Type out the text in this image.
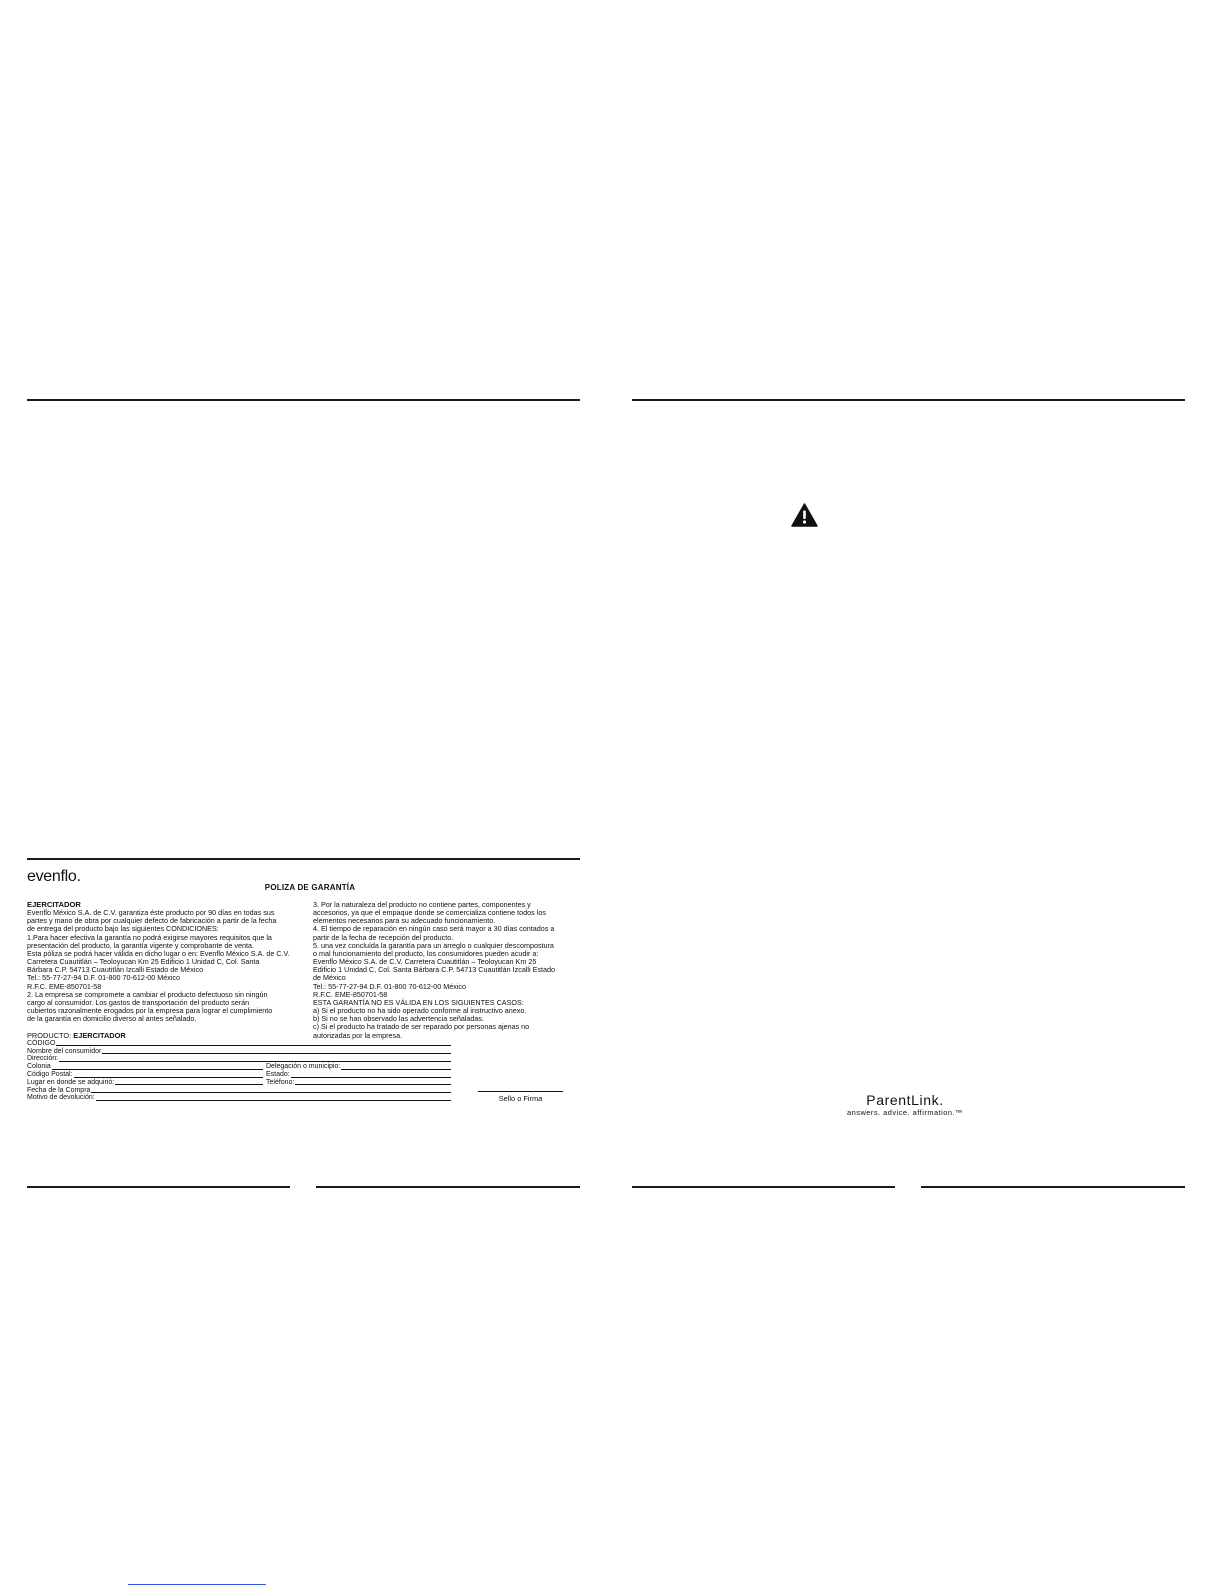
evenflo.
POLIZA DE GARANTÍA

EJERCITADOR

Evenflo México S.A. de C.V. garantiza éste producto por 90 días en todas sus

partes y mano de obra por cualquier defecto de fabricación a partir de la fecha

de entrega del producto bajo las siguientes CONDICIONES:

1.Para hacer efectiva la garantía no podrá exigirse mayores requisitos que la

presentación del producto, la garantía vigente y comprobante de venta.

Esta póliza se podrá hacer válida en dicho lugar o en: Evenflo México S.A. de C.V.

Carretera Cuautitlán – Teoloyucan Km 25 Edificio 1 Unidad C, Col. Santa

Bárbara C.P. 54713 Cuautitlán Izcalli Estado de México

Tel.: 55-77-27-94 D.F. 01-800 70-612-00 México

R.F.C. EME-850701-58

2. La empresa se compromete a cambiar el producto defectuoso sin ningún

cargo al consumidor. Los gastos de transportación del producto serán

cubiertos razonalmente erogados por la empresa para lograr el cumplimiento

de la garantía en domicilio diverso al antes señalado.

3. Por la naturaleza del producto no contiene partes, componentes y

accesorios, ya que el empaque donde se comercializa contiene todos los

elementos necesarios para su adecuado funcionamiento.

4. El tiempo de reparación en ningún caso será mayor a 30 días contados a

partir de la fecha de recepción del producto.

5. una vez concluída la garantía para un arreglo o cualquier descompostura

o mal funcionamiento del producto, los consumidores pueden acudir a:

Evenflo México S.A. de C.V. Carretera Cuautitlán – Teoloyucan Km 25

Edificio 1 Unidad C, Col. Santa Bárbara C.P. 54713 Cuautitlán Izcalli Estado

de México

Tel.: 55-77-27-94 D.F. 01-800 70-612-00 México

R.F.C. EME-850701-58

ESTA GARANTÍA NO ES VÁLIDA EN LOS SIGUIENTES CASOS:

a) Si el producto no ha sido operado conforme al instructivo anexo.

b) Si no se han observado las advertencia señaladas.

c) Si el producto ha tratado de ser reparado por personas ajenas no

autorizadas por la empresa.

PRODUCTO:
EJERCITADOR
CÓDIGO
Nombre del consumidor
Dirección:
Colonia	Delegación o municipio:
Código Postal:	Estado:
Lugar en donde se adquirió:	Teléfono:
Fecha de la Compra
Motivo de devolución:	Sello o Firma	ParentLink.
answers. advice. affirmation.™
